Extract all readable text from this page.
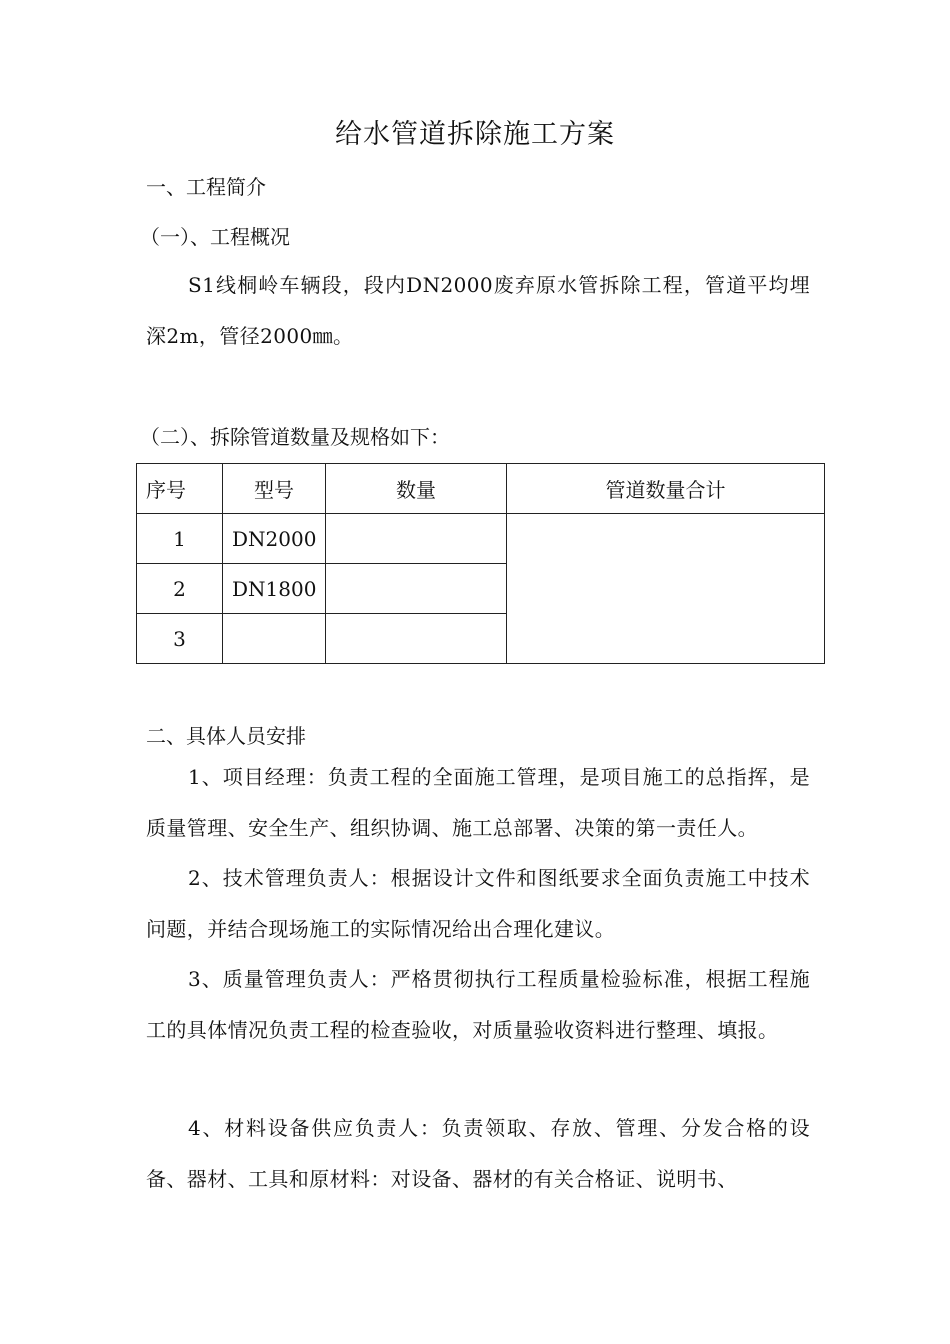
给水管道拆除施工方案
一、工程简介
（一）、工程概况
S1线桐岭车辆段，段内DN2000废弃原水管拆除工程，管道平均埋深2m，管径2000㎜。
（二）、拆除管道数量及规格如下：
序号	型号	数量	管道数量合计
1	DN2000		
2	DN1800		
3			
二、具体人员安排
1、项目经理：负责工程的全面施工管理，是项目施工的总指挥，是质量管理、安全生产、组织协调、施工总部署、决策的第一责任人。
2、技术管理负责人：根据设计文件和图纸要求全面负责施工中技术问题，并结合现场施工的实际情况给出合理化建议。
3、质量管理负责人：严格贯彻执行工程质量检验标准，根据工程施工的具体情况负责工程的检查验收，对质量验收资料进行整理、填报。
4、材料设备供应负责人：负责领取、存放、管理、分发合格的设备、器材、工具和原材料：对设备、器材的有关合格证、说明书、
